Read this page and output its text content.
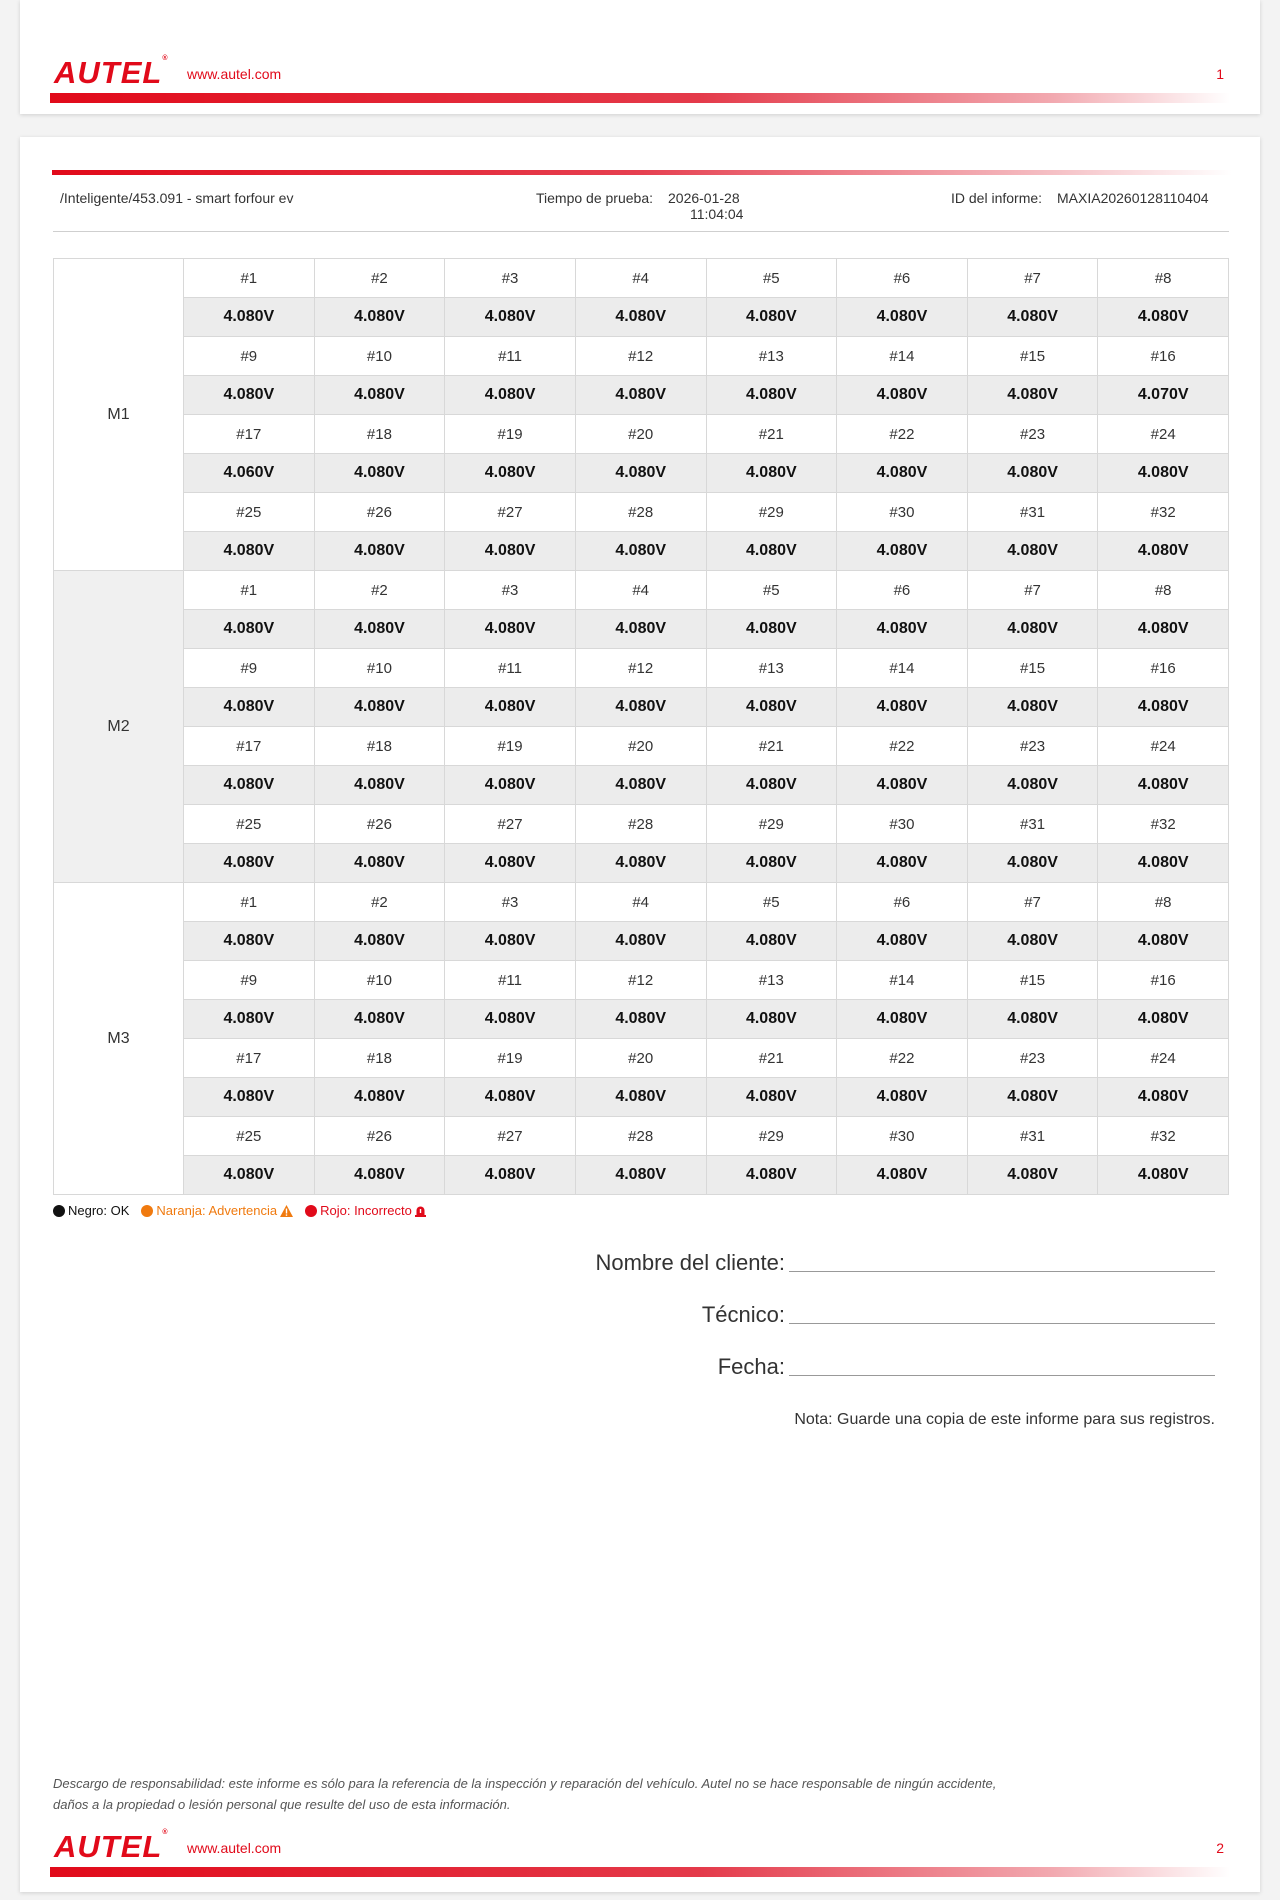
AUTEL®
www.autel.com	1
/Inteligente/453.091 - smart forfour ev	Tiempo de prueba: 2026-01-28
11:04:04
ID del informe: MAXIA20260128110404
M1	#1	#2	#3	#4	#5	#6	#7	#8
	4.080V	4.080V	4.080V	4.080V	4.080V	4.080V	4.080V	4.080V
	#9	#10	#11	#12	#13	#14	#15	#16
	4.080V	4.080V	4.080V	4.080V	4.080V	4.080V	4.080V	4.070V
	#17	#18	#19	#20	#21	#22	#23	#24
	4.060V	4.080V	4.080V	4.080V	4.080V	4.080V	4.080V	4.080V
	#25	#26	#27	#28	#29	#30	#31	#32
	4.080V	4.080V	4.080V	4.080V	4.080V	4.080V	4.080V	4.080V
M2	#1	#2	#3	#4	#5	#6	#7	#8
	4.080V	4.080V	4.080V	4.080V	4.080V	4.080V	4.080V	4.080V
	#9	#10	#11	#12	#13	#14	#15	#16
	4.080V	4.080V	4.080V	4.080V	4.080V	4.080V	4.080V	4.080V
	#17	#18	#19	#20	#21	#22	#23	#24
	4.080V	4.080V	4.080V	4.080V	4.080V	4.080V	4.080V	4.080V
	#25	#26	#27	#28	#29	#30	#31	#32
	4.080V	4.080V	4.080V	4.080V	4.080V	4.080V	4.080V	4.080V
M3	#1	#2	#3	#4	#5	#6	#7	#8
	4.080V	4.080V	4.080V	4.080V	4.080V	4.080V	4.080V	4.080V
	#9	#10	#11	#12	#13	#14	#15	#16
	4.080V	4.080V	4.080V	4.080V	4.080V	4.080V	4.080V	4.080V
	#17	#18	#19	#20	#21	#22	#23	#24
	4.080V	4.080V	4.080V	4.080V	4.080V	4.080V	4.080V	4.080V
	#25	#26	#27	#28	#29	#30	#31	#32
	4.080V	4.080V	4.080V	4.080V	4.080V	4.080V	4.080V	4.080V
Negro: OK Naranja: Advertencia	Rojo: Incorrecto
Nombre del cliente:
Técnico:
Fecha:
Nota: Guarde una copia de este informe para sus registros.
Descargo de responsabilidad: este informe es sólo para la referencia de la inspección y reparación del vehículo. Autel no se hace responsable de ningún accidente,
daños a la propiedad o lesión personal que resulte del uso de esta información.
AUTEL®
www.autel.com	2
